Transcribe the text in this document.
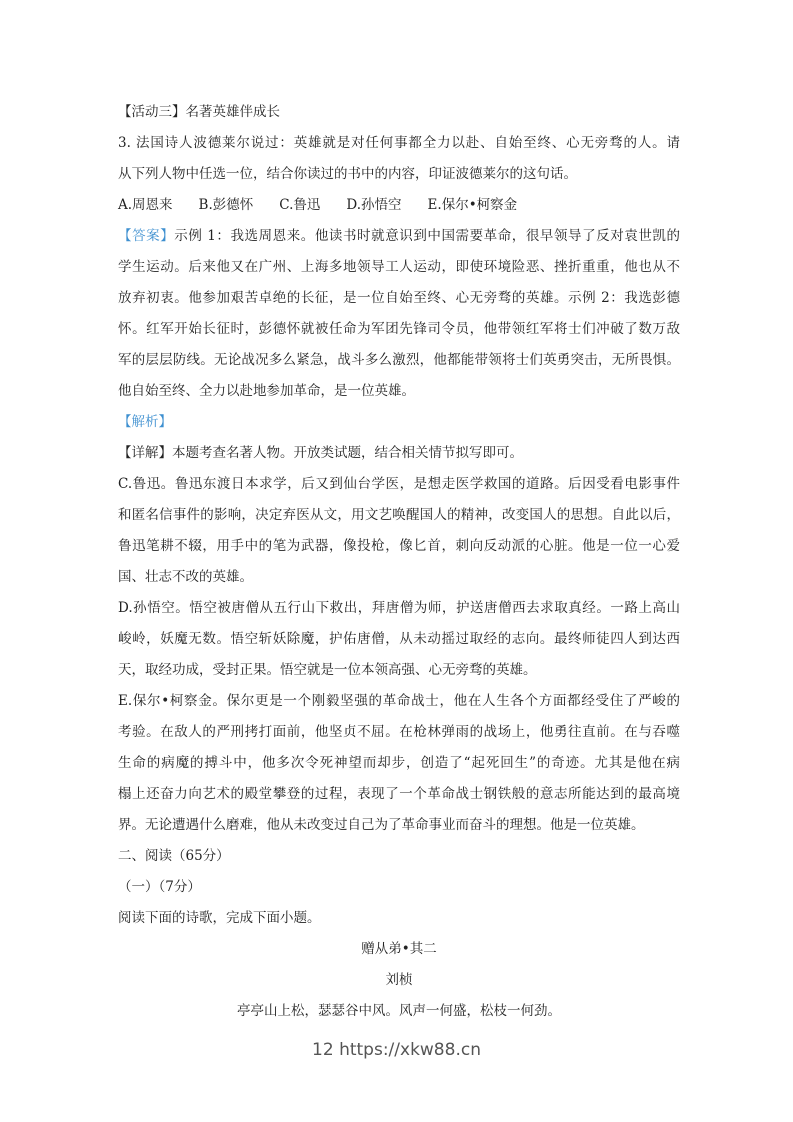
【活动三】名著英雄伴成长
3. 法国诗人波德莱尔说过：英雄就是对任何事都全力以赴、自始至终、心无旁骛的人。请
从下列人物中任选一位，结合你读过的书中的内容，印证波德莱尔的这句话。
A.周恩来 B.彭德怀 C.鲁迅 D.孙悟空 E.保尔•柯察金
【答案】示例 1：我选周恩来。他读书时就意识到中国需要革命，很早领导了反对袁世凯的
学生运动。后来他又在广州、上海多地领导工人运动，即使环境险恶、挫折重重，他也从不
放弃初衷。他参加艰苦卓绝的长征，是一位自始至终、心无旁骛的英雄。示例 2：我选彭德
怀。红军开始长征时，彭德怀就被任命为军团先锋司令员，他带领红军将士们冲破了数万敌
军的层层防线。无论战况多么紧急，战斗多么激烈，他都能带领将士们英勇突击，无所畏惧。
他自始至终、全力以赴地参加革命，是一位英雄。
【解析】
【详解】本题考查名著人物。开放类试题，结合相关情节拟写即可。
C.鲁迅。鲁迅东渡日本求学，后又到仙台学医，是想走医学救国的道路。后因受看电影事件
和匿名信事件的影响，决定弃医从文，用文艺唤醒国人的精神，改变国人的思想。自此以后，
鲁迅笔耕不辍，用手中的笔为武器，像投枪，像匕首，刺向反动派的心脏。他是一位一心爱
国、壮志不改的英雄。
D.孙悟空。悟空被唐僧从五行山下救出，拜唐僧为师，护送唐僧西去求取真经。一路上高山
峻岭，妖魔无数。悟空斩妖除魔，护佑唐僧，从未动摇过取经的志向。最终师徒四人到达西
天，取经功成，受封正果。悟空就是一位本领高强、心无旁骛的英雄。
E.保尔•柯察金。保尔更是一个刚毅坚强的革命战士，他在人生各个方面都经受住了严峻的
考验。在敌人的严刑拷打面前，他坚贞不屈。在枪林弹雨的战场上，他勇往直前。在与吞噬
生命的病魔的搏斗中，他多次令死神望而却步，创造了“起死回生”的奇迹。尤其是他在病
榻上还奋力向艺术的殿堂攀登的过程，表现了一个革命战士钢铁般的意志所能达到的最高境
界。无论遭遇什么磨难，他从未改变过自己为了革命事业而奋斗的理想。他是一位英雄。
二、阅读（65分）
（一）（7分）
阅读下面的诗歌，完成下面小题。
赠从弟•其二
刘桢
亭亭山上松，瑟瑟谷中风。风声一何盛，松枝一何劲。
12 https://xkw88.cn
